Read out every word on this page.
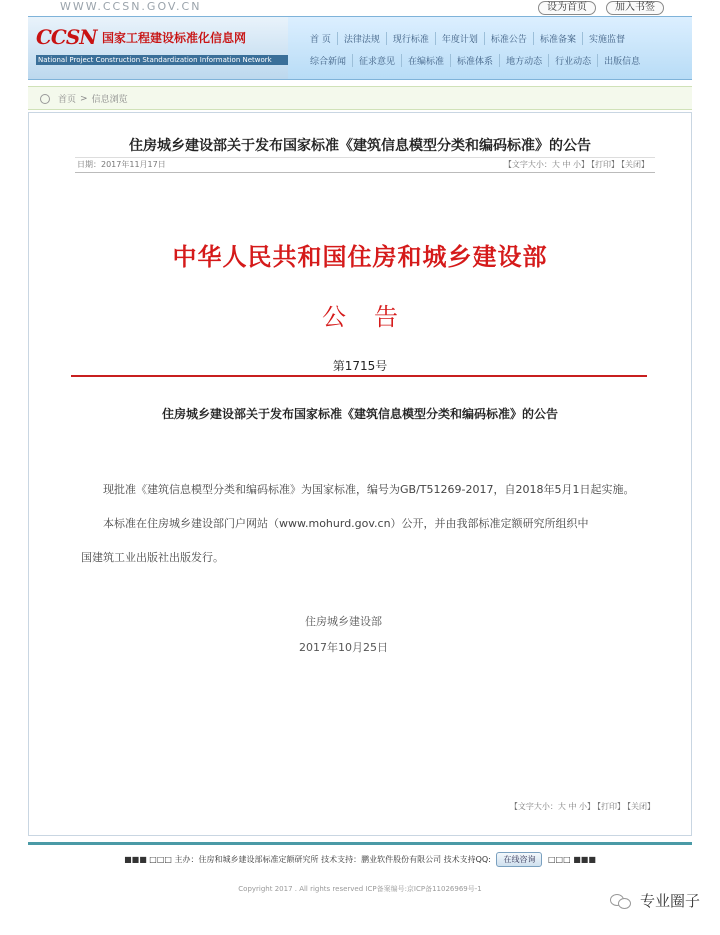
WWW.CCSN.GOV.CN	设为首页	加入书签
CCSN 国家工程建设标准化信息网
National Project Construction Standardization Information Network
首 页	法律法规	现行标准	年度计划	标准公告	标准备案	实施监督
综合新闻	征求意见	在编标准	标准体系	地方动态	行业动态	出版信息
首页 > 信息浏览
住房城乡建设部关于发布国家标准《建筑信息模型分类和编码标准》的公告
日期：2017年11月17日	【文字大小：大 中 小】 【打印】 【关闭】
中华人民共和国住房和城乡建设部
公告
第1715号
住房城乡建设部关于发布国家标准《建筑信息模型分类和编码标准》的公告

现批准《建筑信息模型分类和编码标准》为国家标准，编号为GB/T51269-2017，自2018年5月1日起实施。

本标准在住房城乡建设部门户网站（www.mohurd.gov.cn）公开，并由我部标准定额研究所组织中

国建筑工业出版社出版发行。

住房城乡建设部
2017年10月25日
【文字大小：大 中 小】 【打印】 【关闭】
■■■ □□□ 主办：住房和城乡建设部标准定额研究所 技术支持：鹏业软件股份有限公司 技术支持QQ: 在线咨询 □□□ ■■■
Copyright 2017 . All rights reserved ICP备案编号:京ICP备11026969号-1
专业圈子
